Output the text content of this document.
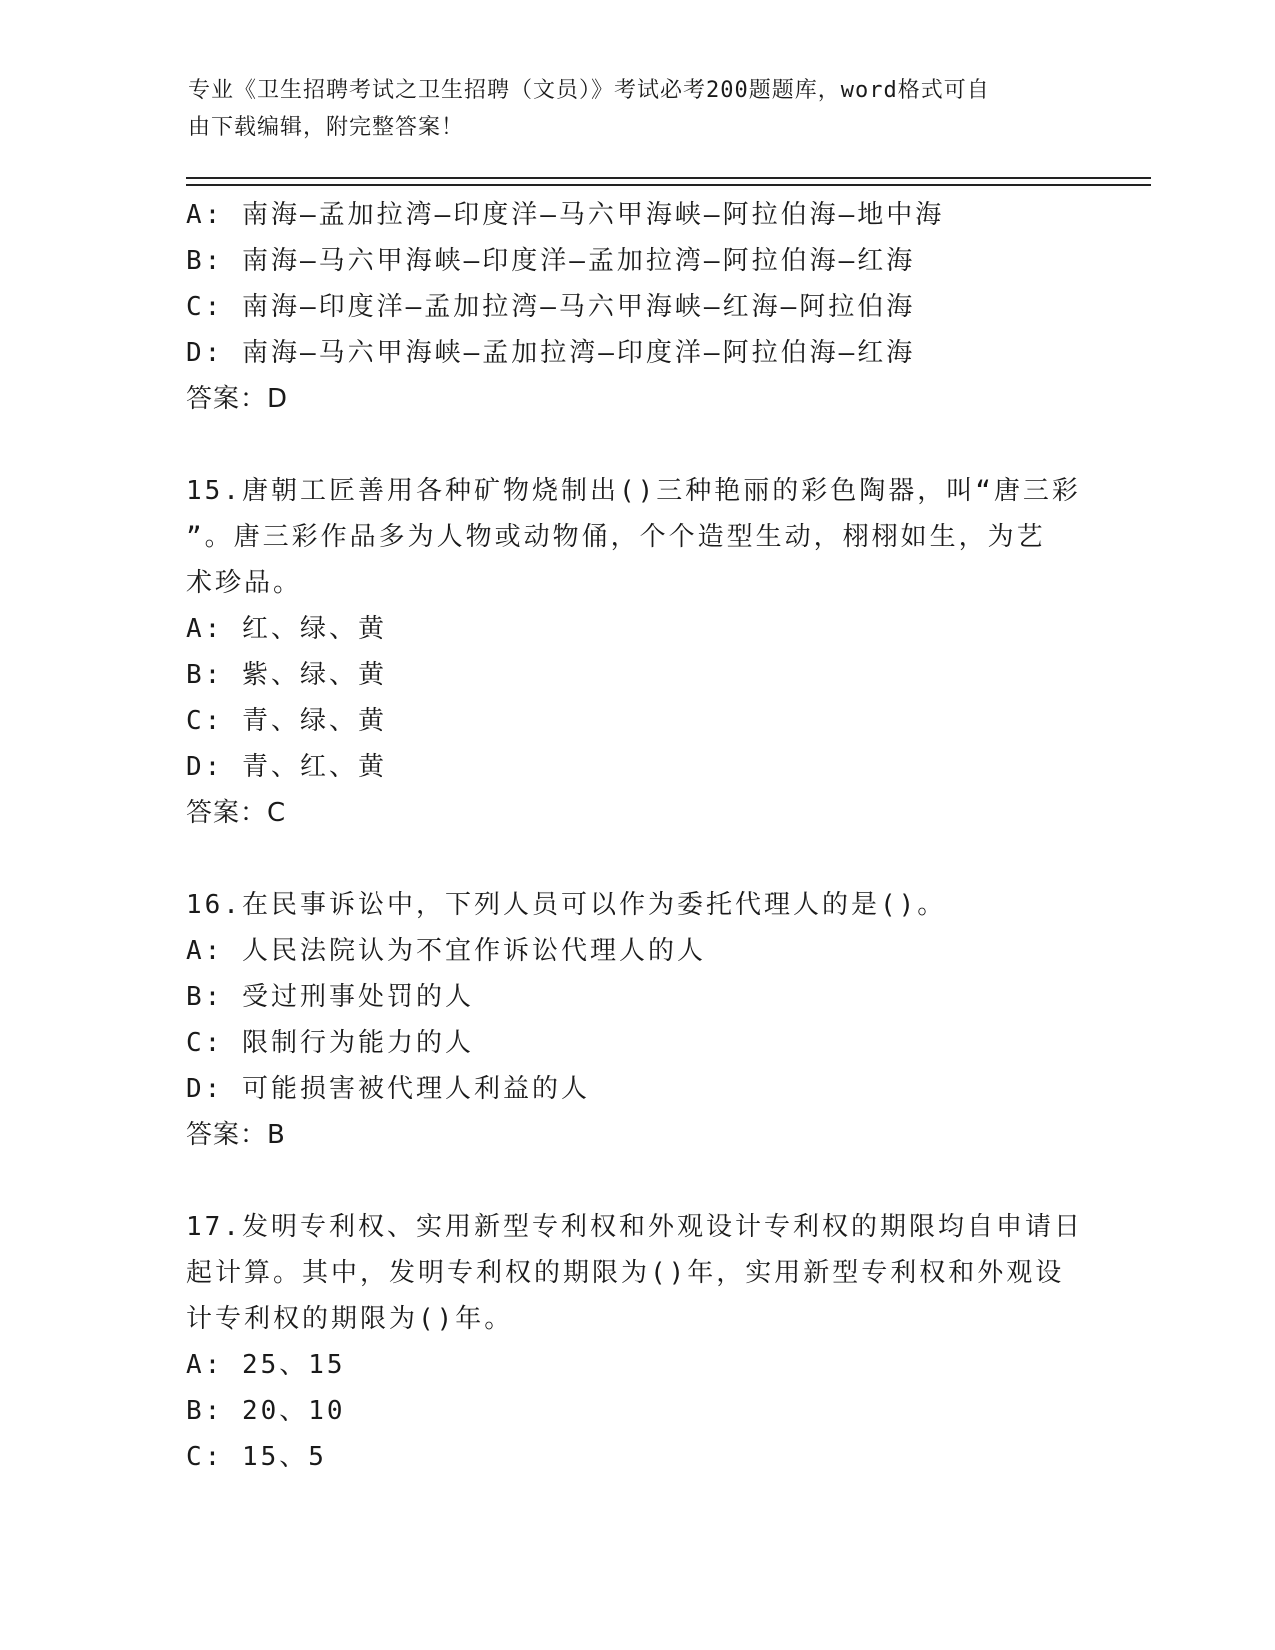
专业《卫生招聘考试之卫生招聘（文员）》考试必考200题题库，word格式可自
由下载编辑，附完整答案！
A: 南海—孟加拉湾—印度洋—马六甲海峡—阿拉伯海—地中海
B: 南海—马六甲海峡—印度洋—孟加拉湾—阿拉伯海—红海
C: 南海—印度洋—孟加拉湾—马六甲海峡—红海—阿拉伯海
D: 南海—马六甲海峡—孟加拉湾—印度洋—阿拉伯海—红海
答案：D
15.唐朝工匠善用各种矿物烧制出()三种艳丽的彩色陶器，叫“唐三彩
”。唐三彩作品多为人物或动物俑，个个造型生动，栩栩如生，为艺
术珍品。
A: 红、绿、黄
B: 紫、绿、黄
C: 青、绿、黄
D: 青、红、黄
答案：C
16.在民事诉讼中，下列人员可以作为委托代理人的是()。
A: 人民法院认为不宜作诉讼代理人的人
B: 受过刑事处罚的人
C: 限制行为能力的人
D: 可能损害被代理人利益的人
答案：B
17.发明专利权、实用新型专利权和外观设计专利权的期限均自申请日
起计算。其中，发明专利权的期限为()年，实用新型专利权和外观设
计专利权的期限为()年。
A: 25、15
B: 20、10
C: 15、5
